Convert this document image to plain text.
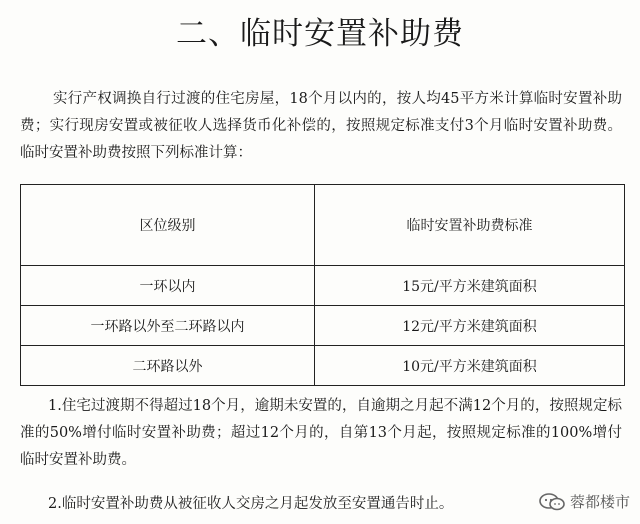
二、临时安置补助费

实行产权调换自行过渡的住宅房屋，18个月以内的，按人均45平方米计算临时安置补助费；实行现房安置或被征收人选择货币化补偿的，按照规定标准支付3个月临时安置补助费。临时安置补助费按照下列标准计算：

区位级别	临时安置补助费标准
一环以内	15元/平方米建筑面积
一环路以外至二环路以内	12元/平方米建筑面积
二环路以外	10元/平方米建筑面积

1.住宅过渡期不得超过18个月，逾期未安置的，自逾期之月起不满12个月的，按照规定标准的50%增付临时安置补助费；超过12个月的，自第13个月起，按照规定标准的100%增付临时安置补助费。

2.临时安置补助费从被征收人交房之月起发放至安置通告时止。	蓉都楼市
